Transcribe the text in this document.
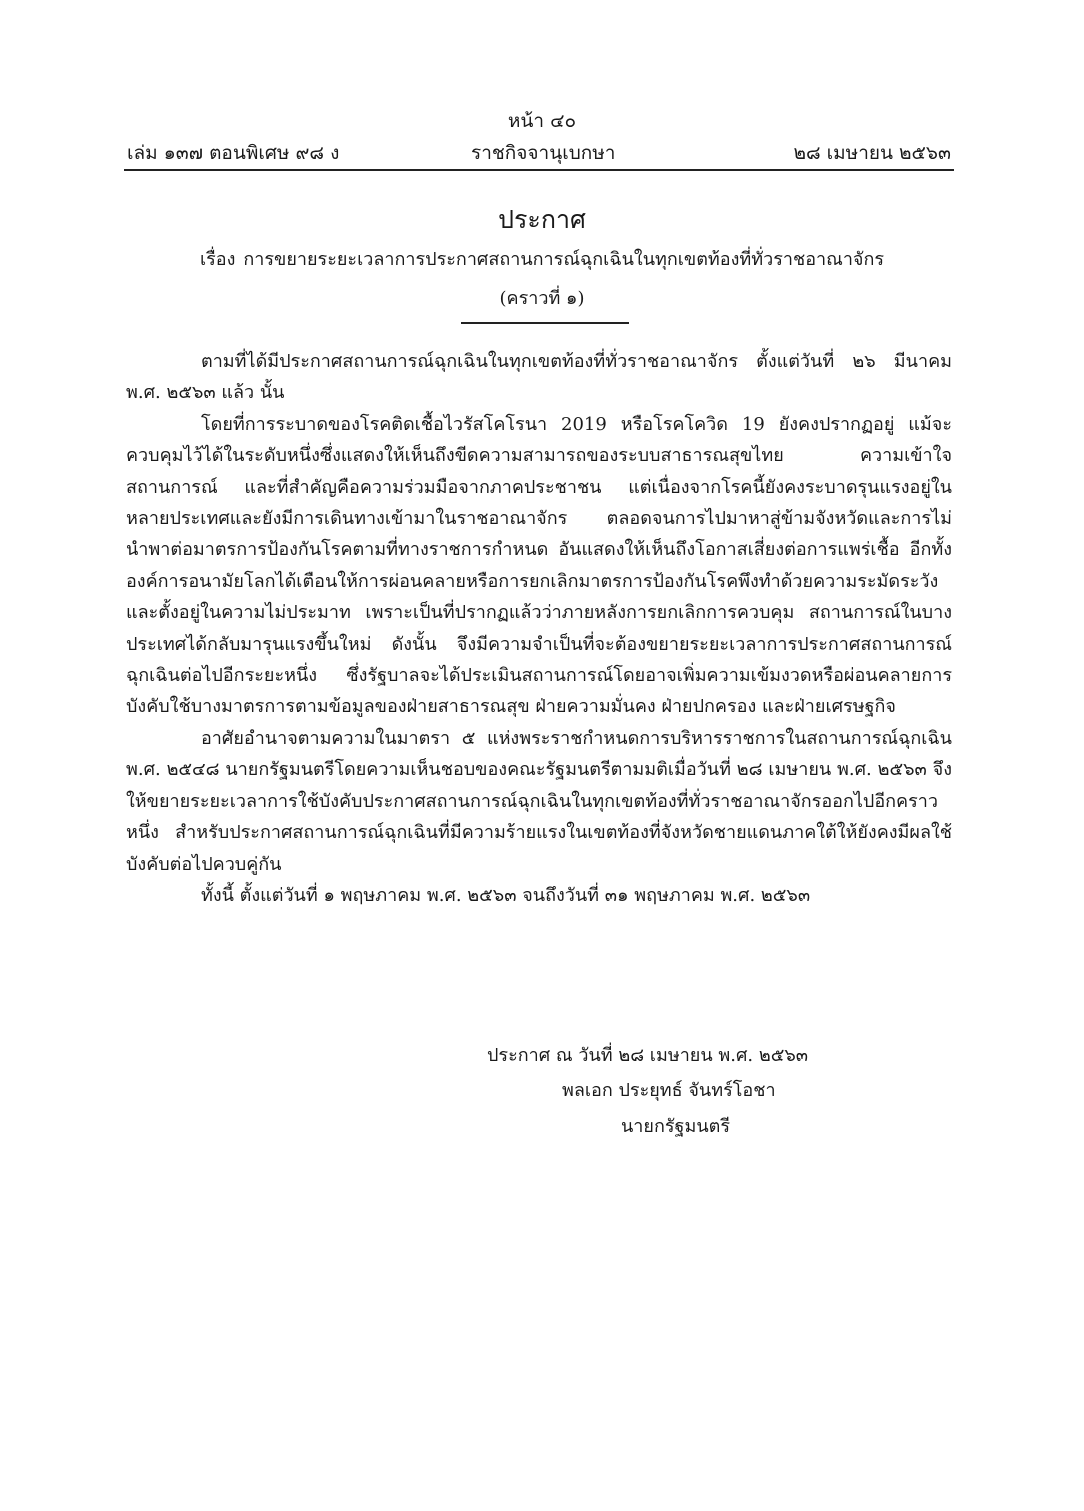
หน้า ๔๐
เล่ม ๑๓๗ ตอนพิเศษ ๙๘ ง	ราชกิจจานุเบกษา	๒๘ เมษายน ๒๕๖๓
ประกาศ
เรื่อง การขยายระยะเวลาการประกาศสถานการณ์ฉุกเฉินในทุกเขตท้องที่ทั่วราชอาณาจักร
(คราวที่ ๑)

ตามที่ได้มีประกาศสถานการณ์ฉุกเฉินในทุกเขตท้องที่ทั่วราชอาณาจักร ตั้งแต่วันที่ ๒๖ มีนาคม พ.ศ. ๒๕๖๓ แล้ว นั้น

โดยที่การระบาดของโรคติดเชื้อไวรัสโคโรนา 2019 หรือโรคโควิด 19 ยังคงปรากฏอยู่ แม้จะควบคุมไว้ได้ในระดับหนึ่งซึ่งแสดงให้เห็นถึงขีดความสามารถของระบบสาธารณสุขไทย ความเข้าใจสถานการณ์ และที่สำคัญคือความร่วมมือจากภาคประชาชน แต่เนื่องจากโรคนี้ยังคงระบาดรุนแรงอยู่ในหลายประเทศและยังมีการเดินทางเข้ามาในราชอาณาจักร ตลอดจนการไปมาหาสู่ข้ามจังหวัดและการไม่นำพาต่อมาตรการป้องกันโรคตามที่ทางราชการกำหนด อันแสดงให้เห็นถึงโอกาสเสี่ยงต่อการแพร่เชื้อ อีกทั้งองค์การอนามัยโลกได้เตือนให้การผ่อนคลายหรือการยกเลิกมาตรการป้องกันโรคพึงทำด้วยความระมัดระวังและตั้งอยู่ในความไม่ประมาท เพราะเป็นที่ปรากฏแล้วว่าภายหลังการยกเลิกการควบคุม สถานการณ์ในบางประเทศได้กลับมารุนแรงขึ้นใหม่ ดังนั้น จึงมีความจำเป็นที่จะต้องขยายระยะเวลาการประกาศสถานการณ์ฉุกเฉินต่อไปอีกระยะหนึ่ง ซึ่งรัฐบาลจะได้ประเมินสถานการณ์โดยอาจเพิ่มความเข้มงวดหรือผ่อนคลายการบังคับใช้บางมาตรการตามข้อมูลของฝ่ายสาธารณสุข ฝ่ายความมั่นคง ฝ่ายปกครอง และฝ่ายเศรษฐกิจ

อาศัยอำนาจตามความในมาตรา ๕ แห่งพระราชกำหนดการบริหารราชการในสถานการณ์ฉุกเฉิน พ.ศ. ๒๕๔๘ นายกรัฐมนตรีโดยความเห็นชอบของคณะรัฐมนตรีตามมติเมื่อวันที่ ๒๘ เมษายน พ.ศ. ๒๕๖๓ จึงให้ขยายระยะเวลาการใช้บังคับประกาศสถานการณ์ฉุกเฉินในทุกเขตท้องที่ทั่วราชอาณาจักรออกไปอีกคราวหนึ่ง สำหรับประกาศสถานการณ์ฉุกเฉินที่มีความร้ายแรงในเขตท้องที่จังหวัดชายแดนภาคใต้ให้ยังคงมีผลใช้บังคับต่อไปควบคู่กัน

ทั้งนี้ ตั้งแต่วันที่ ๑ พฤษภาคม พ.ศ. ๒๕๖๓ จนถึงวันที่ ๓๑ พฤษภาคม พ.ศ. ๒๕๖๓

ประกาศ ณ วันที่ ๒๘ เมษายน พ.ศ. ๒๕๖๓
พลเอก ประยุทธ์ จันทร์โอชา
นายกรัฐมนตรี
